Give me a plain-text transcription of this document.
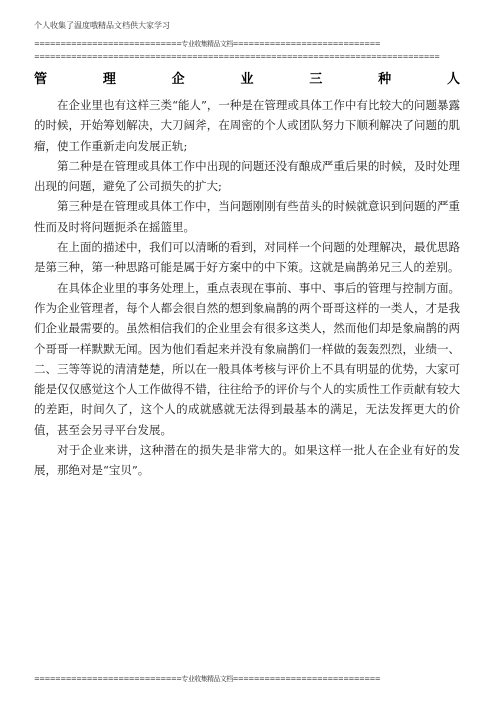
个人收集了温度哦精品文档供大家学习
============================专业收集精品文档============================
=============================================================================
管	理	企	业	三	种	人

在企业里也有这样三类“能人”，一种是在管理或具体工作中有比较大的问题暴露的时候，开始筹划解决，大刀阔斧，在周密的个人或团队努力下顺利解决了问题的肌瘤，使工作重新走向发展正轨;

第二种是在管理或具体工作中出现的问题还没有酿成严重后果的时候，及时处理出现的问题，避免了公司损失的扩大;

第三种是在管理或具体工作中，当问题刚刚有些苗头的时候就意识到问题的严重性而及时将问题扼杀在摇篮里。

在上面的描述中，我们可以清晰的看到，对同样一个问题的处理解决，最优思路是第三种，第一种思路可能是属于好方案中的中下策。这就是扁鹊弟兄三人的差别。

在具体企业里的事务处理上，重点表现在事前、事中、事后的管理与控制方面。作为企业管理者，每个人都会很自然的想到象扁鹊的两个哥哥这样的一类人，才是我们企业最需要的。虽然相信我们的企业里会有很多这类人，然而他们却是象扁鹊的两个哥哥一样默默无闻。因为他们看起来并没有象扁鹊们一样做的轰轰烈烈，业绩一、二、三等等说的清清楚楚，所以在一般具体考核与评价上不具有明显的优势，大家可能是仅仅感觉这个人工作做得不错，往往给予的评价与个人的实质性工作贡献有较大的差距，时间久了，这个人的成就感就无法得到最基本的满足，无法发挥更大的价值，甚至会另寻平台发展。

对于企业来讲，这种潜在的损失是非常大的。如果这样一批人在企业有好的发展，那绝对是“宝贝”。

============================专业收集精品文档============================
